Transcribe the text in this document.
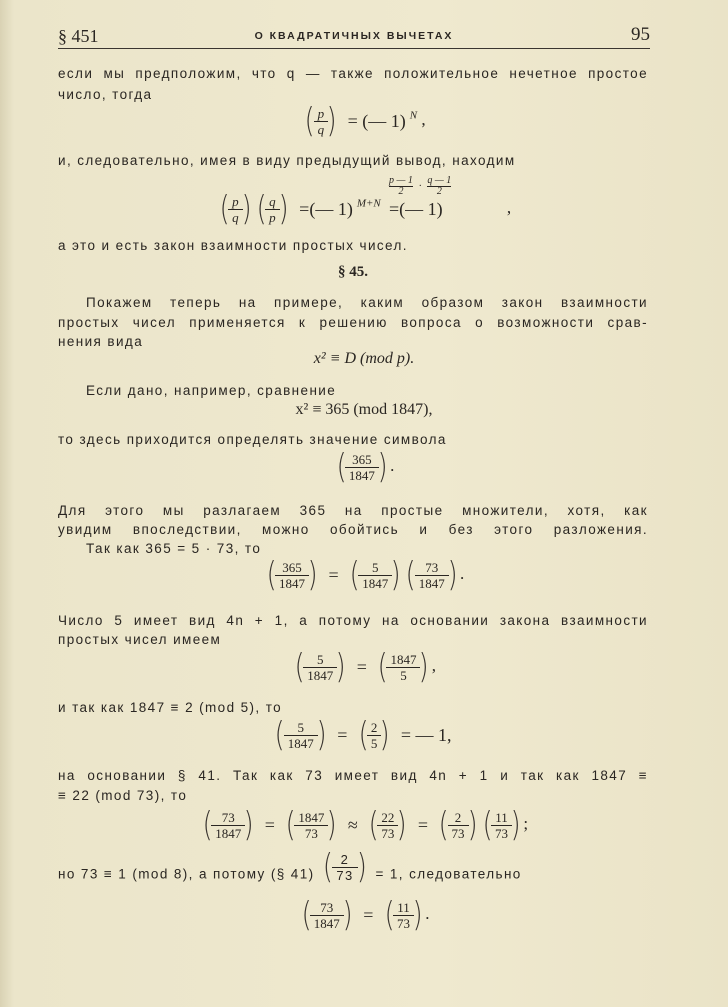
§ 451	О КВАДРАТИЧНЫХ ВЫЧЕТАХ	95
если мы предположим, что q — также положительное нечетное простое
число, тогда
( $\frac{p}{q}$ ) = (— 1) $^N$ ,
и, следовательно, имея в виду предыдущий вывод, находим
( $\frac{p}{q}$ ) ( $\frac{q}{p}$ ) =(— 1) $^{M+N}$ =(— 1)
p — 1
2 ·
q — 1
2
,
а это и есть закон взаимности простых чисел.
§ 45.
Покажем теперь на примере, каким образом закон взаимности
простых чисел применяется к решению вопроса о возможности срав-
нения вида
x² ≡ D (mod p).
Если дано, например, сравнение
x² ≡ 365 (mod 1847),
то здесь приходится определять значение символа
( $\frac{365}{1847}$ ) .
Для этого мы разлагаем 365 на простые множители, хотя, как
увидим впоследствии, можно обойтись и без этого разложения.
Так как 365 = 5 · 73, то
( $\frac{365}{1847}$ ) = ( $\frac{5}{1847}$ ) ( $\frac{73}{1847}$ ) .
Число 5 имеет вид 4n + 1, а потому на основании закона взаимности
простых чисел имеем
( $\frac{5}{1847}$ ) = ( $\frac{1847}{5}$ ) ,
и так как 1847 ≡ 2 (mod 5), то
( $\frac{5}{1847}$ ) = ( $\frac{2}{5}$ ) = — 1,
на основании § 41. Так как 73 имеет вид 4n + 1 и так как 1847 ≡
≡ 22 (mod 73), то
( $\frac{73}{1847}$ ) = ( $\frac{1847}{73}$ ) ≈ ( $\frac{22}{73}$ ) = ( $\frac{2}{73}$ ) ( $\frac{11}{73}$ ) ;
но 73 ≡ 1 (mod 8), а потому (§ 41) ( $\frac{2}{73}$ ) = 1, следовательно
( $\frac{73}{1847}$ ) = ( $\frac{11}{73}$ ) .
